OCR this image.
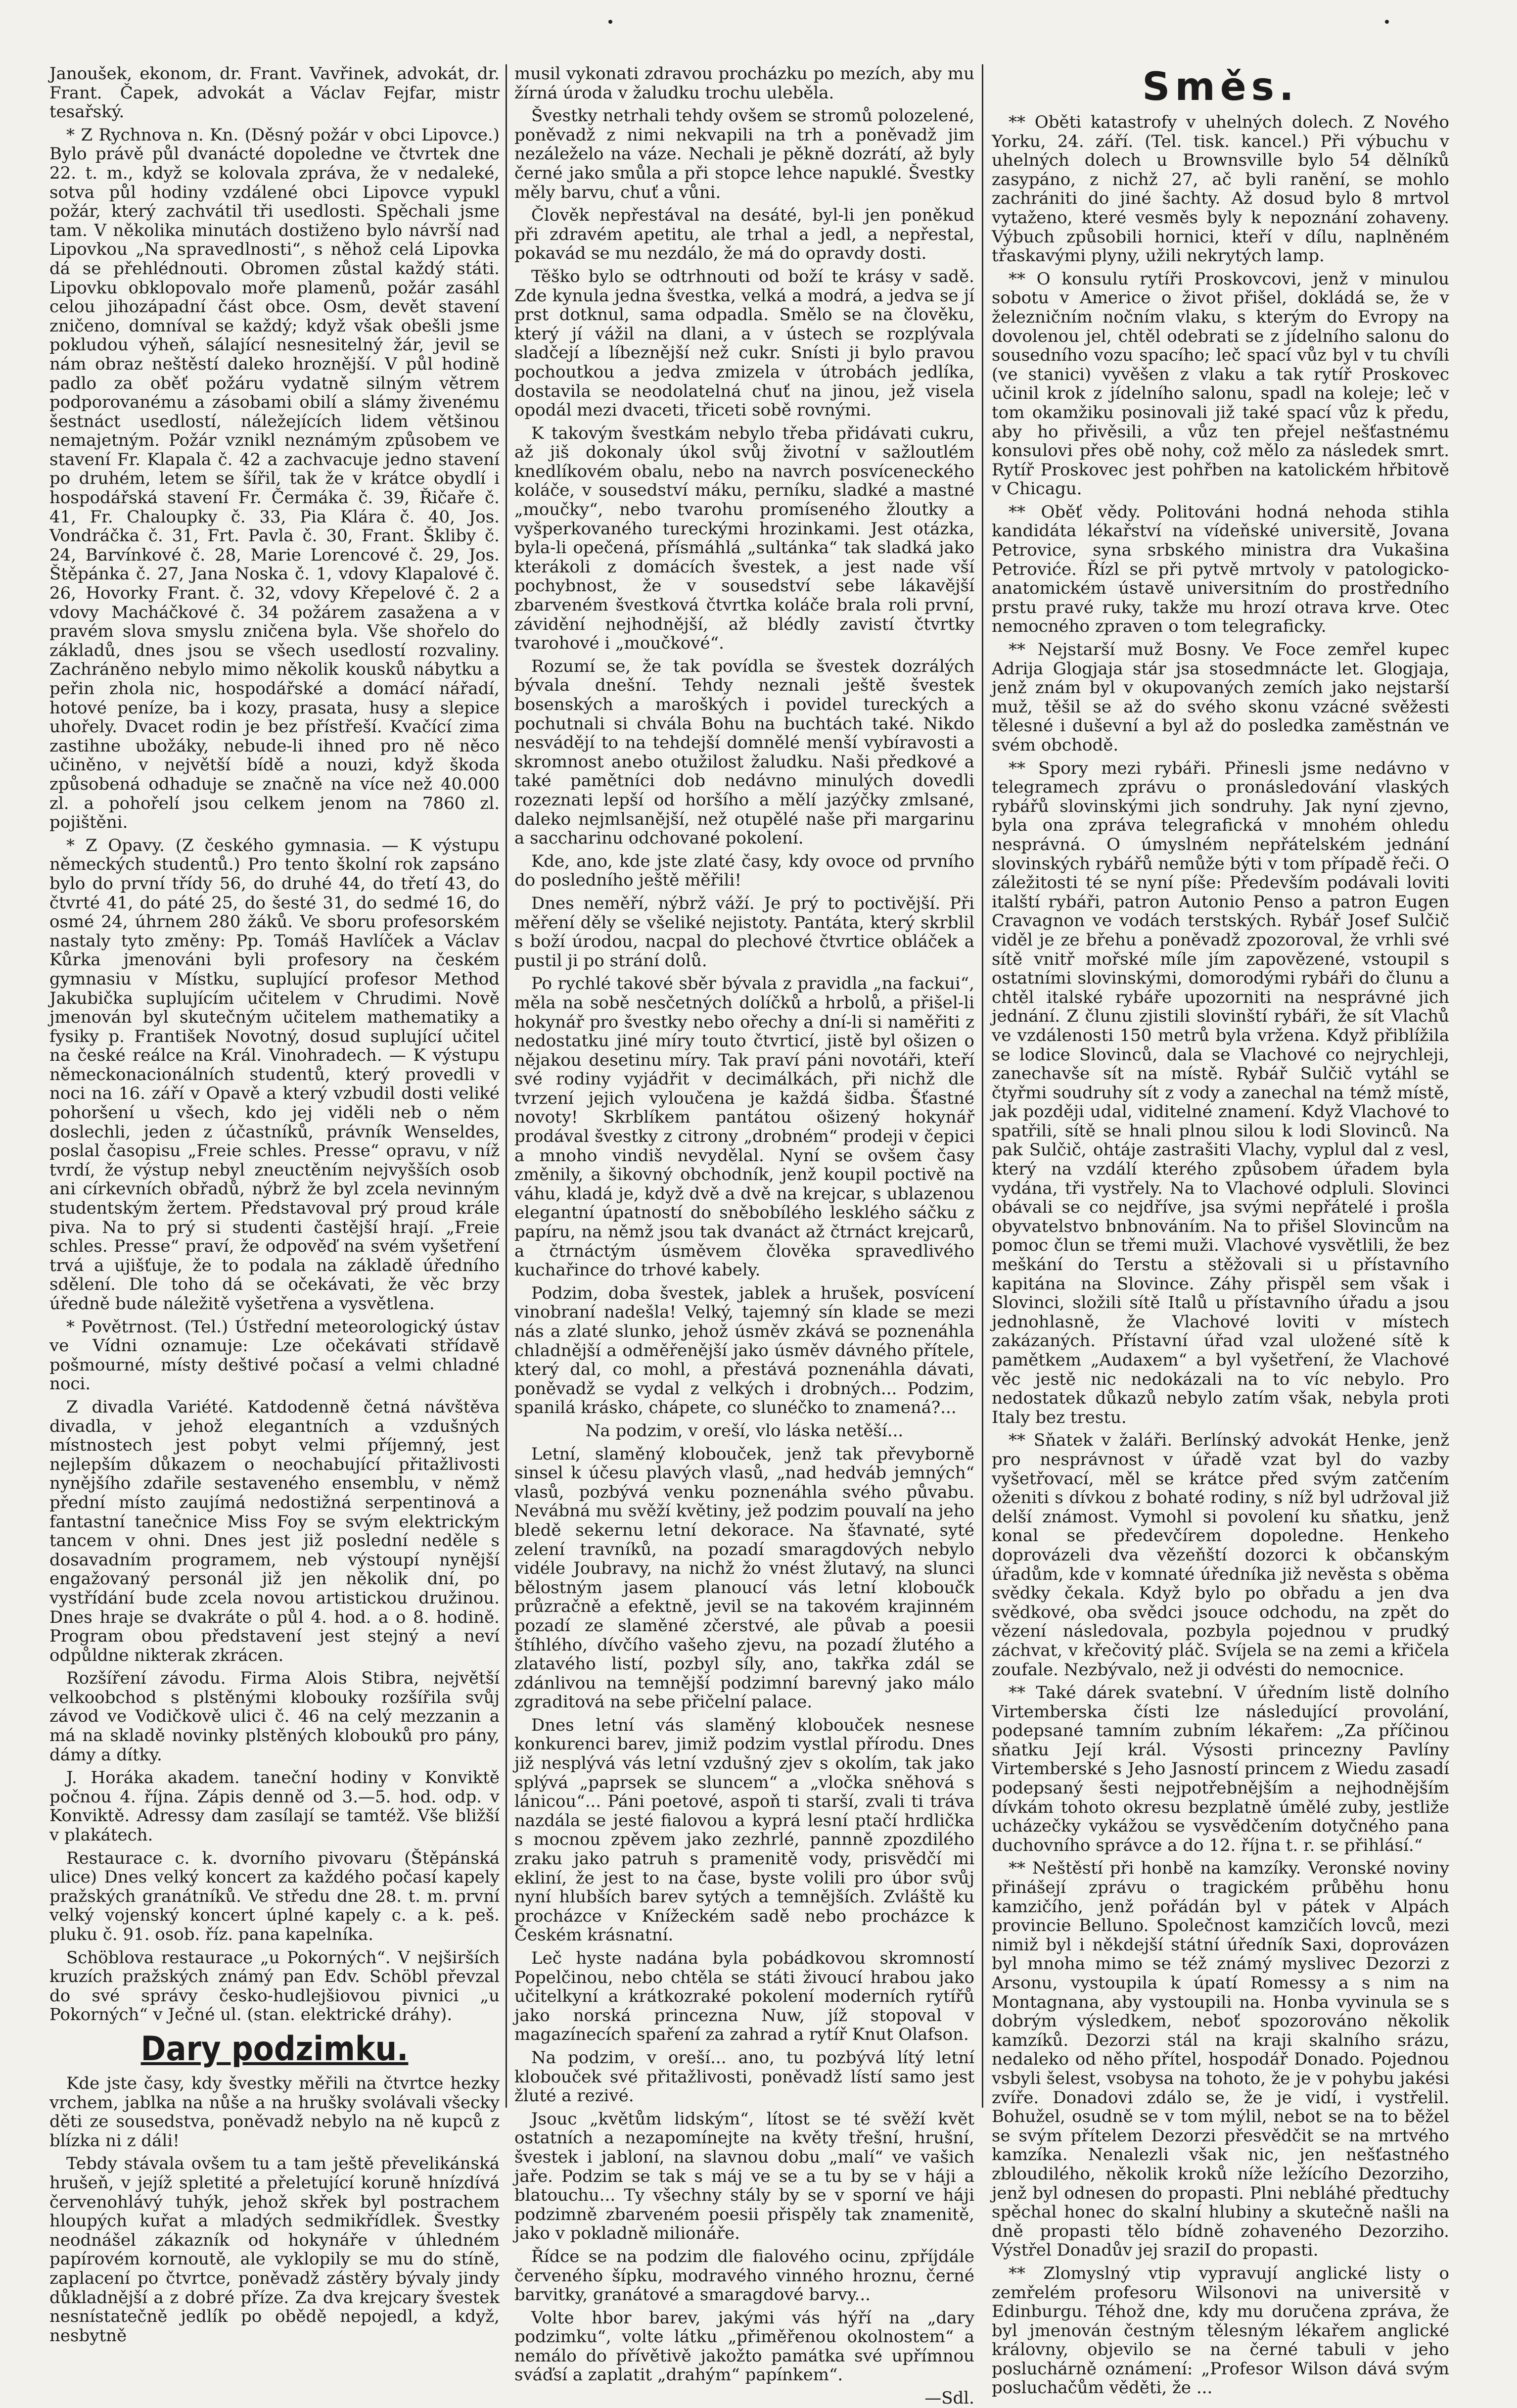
Janoušek, ekonom, dr. Frant. Vavřinek, advokát, dr. Frant. Čapek, advokát a Václav Fejfar, mistr tesařský.

* Z Rychnova n. Kn. (Děsný požár v obci Lipovce.) Bylo právě půl dvanácté dopoledne ve čtvrtek dne 22. t. m., když se kolovala zpráva, že v nedaleké, sotva půl hodiny vzdálené obci Lipovce vypukl požár, který zachvátil tři usedlosti. Spěchali jsme tam. V několika minutách dostiženo bylo návrší nad Lipovkou „Na spravedlnosti“, s něhož celá Lipovka dá se přehlédnouti. Obromen zůstal každý státi. Lipovku obklopovalo moře plamenů, požár zasáhl celou jihozápadní část obce. Osm, devět stavení zničeno, domníval se každý; když však obešli jsme pokludou výheň, sálající nesnesitelný žár, jevil se nám obraz neštěstí daleko hroznější. V půl hodině padlo za oběť požáru vydatně silným větrem podporovanému a zásobami obilí a slámy živenému šestnáct usedlostí, náležejících lidem většinou nemajetným. Požár vznikl neznámým způsobem ve stavení Fr. Klapala č. 42 a zachvacuje jedno stavení po druhém, letem se šířil, tak že v krátce obydlí i hospodářská stavení Fr. Čermáka č. 39, Řičaře č. 41, Fr. Chaloupky č. 33, Pia Klára č. 40, Jos. Vondráčka č. 31, Frt. Pavla č. 30, Frant. Škliby č. 24, Barvínkové č. 28, Marie Lorencové č. 29, Jos. Štěpánka č. 27, Jana Noska č. 1, vdovy Klapalové č. 26, Hovorky Frant. č. 32, vdovy Křepelové č. 2 a vdovy Macháčkové č. 34 požárem zasažena a v pravém slova smyslu zničena byla. Vše shořelo do základů, dnes jsou se všech usedlostí rozvaliny. Zachráněno nebylo mimo několik kousků nábytku a peřin zhola nic, hospodářské a domácí nářadí, hotové peníze, ba i kozy, prasata, husy a slepice uhořely. Dvacet rodin je bez přístřeší. Kvačící zima zastihne ubožáky, nebude-li ihned pro ně něco učiněno, v největší bídě a nouzi, když škoda způsobená odhaduje se značně na více než 40.000 zl. a pohořelí jsou celkem jenom na 7860 zl. pojištěni.

* Z Opavy. (Z českého gymnasia. — K výstupu německých studentů.) Pro tento školní rok zapsáno bylo do první třídy 56, do druhé 44, do třetí 43, do čtvrté 41, do páté 25, do šesté 31, do sedmé 16, do osmé 24, úhrnem 280 žáků. Ve sboru profesorském nastaly tyto změny: Pp. Tomáš Havlíček a Václav Kůrka jmenováni byli profesory na českém gymnasiu v Místku, suplující profesor Method Jakubička suplujícím učitelem v Chrudimi. Nově jmenován byl skutečným učitelem mathematiky a fysiky p. František Novotný, dosud suplující učitel na české reálce na Král. Vinohradech. — K výstupu německonacionálních studentů, který provedli v noci na 16. září v Opavě a který vzbudil dosti veliké pohoršení u všech, kdo jej viděli neb o něm doslechli, jeden z účastníků, právník Wenseldes, poslal časopisu „Freie schles. Presse“ opravu, v níž tvrdí, že výstup nebyl zneuctěním nejvyšších osob ani církevních obřadů, nýbrž že byl zcela nevinným studentským žertem. Představoval prý proud krále piva. Na to prý si studenti častější hrají. „Freie schles. Presse“ praví, že odpověď na svém vyšetření trvá a ujišťuje, že to podala na základě úředního sdělení. Dle toho dá se očekávati, že věc brzy úředně bude náležitě vyšetřena a vysvětlena.

* Povětrnost. (Tel.) Ústřední meteorologický ústav ve Vídni oznamuje: Lze očekávati střídavě pošmourné, místy deštivé počasí a velmi chladné noci.

Z divadla Variété. Katdodenně četná návštěva divadla, v jehož elegantních a vzdušných místnostech jest pobyt velmi příjemný, jest nejlepším důkazem o neochabující přitažlivosti nynějšího zdařile sestaveného ensemblu, v němž přední místo zaujímá nedostižná serpentinová a fantastní tanečnice Miss Foy se svým elektrickým tancem v ohni. Dnes jest již poslední neděle s dosavadním programem, neb výstoupí nynější engažovaný personál již jen několik dní, po vystřídání bude zcela novou artistickou družinou. Dnes hraje se dvakráte o půl 4. hod. a o 8. hodině. Program obou představení jest stejný a neví odpůldne nikterak zkrácen.

Rozšíření závodu. Firma Alois Stibra, největší velkoobchod s plstěnými klobouky rozšířila svůj závod ve Vodičkově ulici č. 46 na celý mezzanin a má na skladě novinky plstěných klobouků pro pány, dámy a dítky.

J. Horáka akadem. taneční hodiny v Konviktě počnou 4. října. Zápis denně od 3.—5. hod. odp. v Konviktě. Adressy dam zasílají se tamtéž. Vše bližší v plakátech.

Restaurace c. k. dvorního pivovaru (Štěpánská ulice) Dnes velký koncert za každého počasí kapely pražských granátníků. Ve středu dne 28. t. m. první velký vojenský koncert úplné kapely c. a k. peš. pluku č. 91. osob. říz. pana kapelníka.

Schöblova restaurace „u Pokorných“. V nejširších kruzích pražských známý pan Edv. Schöbl převzal do své správy česko-hudlejšiovou pivnici „u Pokorných“ v Ječné ul. (stan. elektrické dráhy).

Dary podzimku.

Kde jste časy, kdy švestky měřili na čtvrtce hezky vrchem, jablka na nůše a na hrušky svolávali všecky děti ze sousedstva, poněvadž nebylo na ně kupců z blízka ni z dáli!

Tebdy stávala ovšem tu a tam ještě převelikánská hrušeň, v jejíž spletité a přeletující koruně hnízdívá červenohlávý tuhýk, jehož skřek byl postrachem hloupých kuřat a mladých sedmikřídlek. Švestky neodnášel zákazník od hokynáře v úhledném papírovém kornoutě, ale vyklopily se mu do stíně, zaplacení po čtvrtce, poněvadž zástěry bývaly jindy důkladnější a z dobré příze. Za dva krejcary švestek nesnístatečně jedlík po obědě nepojedl, a když, nesbytně

musil vykonati zdravou procházku po mezích, aby mu žírná úroda v žaludku trochu uleběla.

Švestky netrhali tehdy ovšem se stromů polozelené, poněvadž z nimi nekvapili na trh a poněvadž jim nezáleželo na váze. Nechali je pěkně dozrátí, až byly černé jako smůla a při stopce lehce napuklé. Švestky měly barvu, chuť a vůni.

Člověk nepřestával na desáté, byl-li jen poněkud při zdravém apetitu, ale trhal a jedl, a nepřestal, pokavád se mu nezdálo, že má do opravdy dosti.

Těško bylo se odtrhnouti od boží te krásy v sadě. Zde kynula jedna švestka, velká a modrá, a jedva se jí prst dotknul, sama odpadla. Smělo se na člověku, který jí vážil na dlani, a v ústech se rozplývala sladčejí a líbeznější než cukr. Snísti ji bylo pravou pochoutkou a jedva zmizela v útrobách jedlíka, dostavila se neodolatelná chuť na jinou, jež visela opodál mezi dvaceti, třiceti sobě rovnými.

K takovým švestkám nebylo třeba přidávati cukru, až jiš dokonaly úkol svůj životní v sažloutlém knedlíkovém obalu, nebo na navrch posvíceneckého koláče, v sousedství máku, perníku, sladké a mastné „moučky“, nebo tvarohu promíseného žloutky a vyšperkovaného tureckými hrozinkami. Jest otázka, byla-li opečená, přísmáhlá „sultánka“ tak sladká jako kterákoli z domácích švestek, a jest nade vší pochybnost, že v sousedství sebe lákavější zbarveném švestková čtvrtka koláče brala roli první, závidění nejhodnější, až blédly zavistí čtvrtky tvarohové i „moučkové“.

Rozumí se, že tak povídla se švestek dozrálých bývala dnešní. Tehdy neznali ještě švestek bosenských a maroškých i povidel tureckých a pochutnali si chvála Bohu na buchtách také. Nikdo nesvádějí to na tehdejší domnělé menší vybíravosti a skromnost anebo otužilost žaludku. Naši předkové a také pamětníci dob nedávno minulých dovedli rozeznati lepší od horšího a mělí jazýčky zmlsané, daleko nejmlsanější, než otupělé naše při margarinu a saccharinu odchované pokolení.

Kde, ano, kde jste zlaté časy, kdy ovoce od prvního do posledního ještě měřili!

Dnes neměří, nýbrž váží. Je prý to poctivější. Při měření děly se všeliké nejistoty. Pantáta, který skrblil s boží úrodou, nacpal do plechové čtvrtice obláček a pustil ji po strání dolů.

Po rychlé takové sběr bývala z pravidla „na fackui“, měla na sobě nesčetných dolíčků a hrbolů, a přišel-li hokynář pro švestky nebo ořechy a dní-li si naměřiti z nedostatku jiné míry touto čtvrticí, jistě byl ošizen o nějakou desetinu míry. Tak praví páni novotáři, kteří své rodiny vyjádřit v decimálkách, při nichž dle tvrzení jejich vyloučena je každá šidba. Šťastné novoty! Skrblíkem pantátou ošizený hokynář prodával švestky z citrony „drobném“ prodeji v čepici a mnoho vindiš nevydělal. Nyní se ovšem časy změnily, a šikovný obchodník, jenž koupil poctivě na váhu, kladá je, když dvě a dvě na krejcar, s ublazenou elegantní úpatností do sněbobílého lesklého sáčku z papíru, na němž jsou tak dvanáct až čtrnáct krejcarů, a čtrnáctým úsměvem člověka spravedlivého kuchařince do trhové kabely.

Podzim, doba švestek, jablek a hrušek, posvícení vinobraní nadešla! Velký, tajemný sín klade se mezi nás a zlaté slunko, jehož úsměv zkává se poznenáhla chladnější a odměřenější jako úsměv dávného přítele, který dal, co mohl, a přestává poznenáhla dávati, poněvadž se vydal z velkých i drobných... Podzim, spanilá krásko, chápete, co slunéčko to znamená?...

Na podzim, v oreší, vlo láska netěší...

Letní, slaměný klobouček, jenž tak převyborně sinsel k účesu plavých vlasů, „nad hedváb jemných“ vlasů, pozbývá venku poznenáhla svého půvabu. Nevábná mu svěží květiny, jež podzim pouvalí na jeho bledě sekernu letní dekorace. Na šťavnaté, syté zelení travníků, na pozadí smaragdových nebylo vidéle Joubravy, na nichž žo vnést žlutavý, na slunci bělostným jasem planoucí vás letní kloboučk průzračně a efektně, jevil se na takovém krajinném pozadí ze slaměné zčerstvé, ale půvab a poesii štíhlého, dívčího vašeho zjevu, na pozadí žlutého a zlatavého listí, pozbyl síly, ano, takřka zdál se zdánlivou na temnější podzimní barevný jako málo zgraditová na sebe přičelní palace.

Dnes letní vás slaměný klobouček nesnese konkurenci barev, jimiž podzim vystlal přírodu. Dnes již nesplývá vás letní vzdušný zjev s okolím, tak jako splývá „paprsek se sluncem“ a „vločka sněhová s lánicou“... Páni poetové, aspoň ti starší, zvali ti tráva nazdála se jesté fialovou a kyprá lesní ptačí hrdlička s mocnou zpěvem jako zezhrlé, pannně zpozdilého zraku jako patruh s pramenitě vody, prisvědčí mi ekliní, že jest to na čase, byste volili pro úbor svůj nyní hlubších barev sytých a temnějších. Zvláště ku procházce v Knížeckém sadě nebo procházce k Českém krásnatní.

Leč hyste nadána byla pobádkovou skromností Popelčinou, nebo chtěla se státi živoucí hrabou jako učitelkyní a krátkozraké pokolení moderních rytířů jako norská princezna Nuw, jíž stopoval v magazínecích spaření za zahrad a rytíř Knut Olafson.

Na podzim, v oreší... ano, tu pozbývá lítý letní klobouček své přitažlivosti, poněvadž lístí samo jest žluté a rezivé.

Jsouc „květům lidským“, lítost se té svěží květ ostatních a nezapomínejte na květy třešní, hrušní, švestek i jabloní, na slavnou dobu „malí“ ve vašich jaře. Podzim se tak s máj ve se a tu by se v háji a blatouchu... Ty všechny stály by se v sporní ve háji podzimně zbarveném poesii přispěly tak znamenitě, jako v pokladně milionáře.

Řídce se na podzim dle fialového ocinu, zpříjdále červeného šípku, modravého vinného hroznu, černé barvitky, granátové a smaragdové barvy...

Volte hbor barev, jakými vás hýří na „dary podzimku“, volte látku „přiměřenou okolnostem“ a nemálo do přívětivě jakožto památka své upřímnou sváďsí a zaplatit „drahým“ papínkem“.

—Sdl.

Směs.

** Oběti katastrofy v uhelných dolech. Z Nového Yorku, 24. září. (Tel. tisk. kancel.) Při výbuchu v uhelných dolech u Brownsville bylo 54 dělníků zasypáno, z nichž 27, ač byli ranění, se mohlo zachrániti do jiné šachty. Až dosud bylo 8 mrtvol vytaženo, které vesměs byly k nepoznání zohaveny. Výbuch způsobili hornici, kteří v dílu, naplněném třaskavými plyny, užili nekrytých lamp.

** O konsulu rytíři Proskovcovi, jenž v minulou sobotu v Americe o život přišel, dokládá se, že v železničním nočním vlaku, s kterým do Evropy na dovolenou jel, chtěl odebrati se z jídelního salonu do sousedního vozu spacího; leč spací vůz byl v tu chvíli (ve stanici) vyvěšen z vlaku a tak rytíř Proskovec učinil krok z jídelního salonu, spadl na koleje; leč v tom okamžiku posinovali již také spací vůz k předu, aby ho přivěsili, a vůz ten přejel nešťastnému konsulovi přes obě nohy, což mělo za následek smrt. Rytíř Proskovec jest pohřben na katolickém hřbitově v Chicagu.

** Oběť vědy. Politováni hodná nehoda stihla kandidáta lékařství na vídeňské universitě, Jovana Petrovice, syna srbského ministra dra Vukašina Petroviće. Řízl se při pytvě mrtvoly v patologicko-anatomickém ústavě universitním do prostředního prstu pravé ruky, takže mu hrozí otrava krve. Otec nemocného zpraven o tom telegraficky.

** Nejstarší muž Bosny. Ve Foce zemřel kupec Adrija Glogjaja stár jsa stosedmnácte let. Glogjaja, jenž znám byl v okupovaných zemích jako nejstarší muž, těšil se až do svého skonu vzácné svěžesti tělesné i duševní a byl až do posledka zaměstnán ve svém obchodě.

** Spory mezi rybáři. Přinesli jsme nedávno v telegramech zprávu o pronásledování vlaských rybářů slovinskými jich sondruhy. Jak nyní zjevno, byla ona zpráva telegrafická v mnohém ohledu nesprávná. O úmyslném nepřátelském jednání slovinských rybářů nemůže býti v tom případě řeči. O záležitosti té se nyní píše: Především podávali loviti italští rybáři, patron Autonio Penso a patron Eugen Cravagnon ve vodách terstských. Rybář Josef Sulčič viděl je ze břehu a poněvadž zpozoroval, že vrhli své sítě vnitř mořské míle jím zapovězené, vstoupil s ostatními slovinskými, domorodými rybáři do člunu a chtěl italské rybáře upozorniti na nesprávné jich jednání. Z člunu zjistili slovinští rybáři, že sít Vlachů ve vzdálenosti 150 metrů byla vržena. Když přiblížila se lodice Slovinců, dala se Vlachové co nejrychleji, zanechavše sít na místě. Rybář Sulčič vytáhl se čtyřmi soudruhy sít z vody a zanechal na témž místě, jak později udal, viditelné znamení. Když Vlachové to spatřili, sítě se hnali plnou silou k lodi Slovinců. Na pak Sulčič, ohtáje zastrašiti Vlachy, vyplul dal z vesl, který na vzdálí kterého způsobem úřadem byla vydána, tři vystřely. Na to Vlachové odpluli. Slovinci obávali se co nejdříve, jsa svými nepřátelé i prošla obyvatelstvo bnbnováním. Na to přišel Slovincům na pomoc člun se třemi muži. Vlachové vysvětlili, že bez meškání do Terstu a stěžovali si u přístavního kapitána na Slovince. Záhy přispěl sem však i Slovinci, složili sítě Italů u přístavního úřadu a jsou jednohlasně, že Vlachové loviti v místech zakázaných. Přístavní úřad vzal uložené sítě k pamětkem „Audaxem“ a byl vyšetření, že Vlachové věc jestě nic nedokázali na to víc nebylo. Pro nedostatek důkazů nebylo zatím však, nebyla proti Italy bez trestu.

** Sňatek v žaláři. Berlínský advokát Henke, jenž pro nesprávnost v úřadě vzat byl do vazby vyšetřovací, měl se krátce před svým zatčením oženiti s dívkou z bohaté rodiny, s níž byl udržoval již delší známost. Vymohl si povolení ku sňatku, jenž konal se předevčírem dopoledne. Henkeho doprovázeli dva vězeňští dozorci k občanským úřadům, kde v komnaté úředníka již nevěsta s oběma svědky čekala. Když bylo po obřadu a jen dva svědkové, oba svědci jsouce odchodu, na zpět do vězení následovala, pozbyla pojednou v prudký záchvat, v křečovitý pláč. Svíjela se na zemi a křičela zoufale. Nezbývalo, než ji odvésti do nemocnice.

** Také dárek svatební. V úředním listě dolního Virtemberska čísti lze následující provolání, podepsané tamním zubním lékařem: „Za příčinou sňatku Její král. Výsosti princezny Pavlíny Virtemberské s Jeho Jasností princem z Wiedu zasadí podepsaný šesti nejpotřebnějším a nejhodnějším dívkám tohoto okresu bezplatně úmělé zuby, jestliže ucházečky vykážou se vysvědčením dotyčného pana duchovního správce a do 12. října t. r. se přihlásí.“

** Neštěstí při honbě na kamzíky. Veronské noviny přinášejí zprávu o tragickém průběhu honu kamzičího, jenž pořádán byl v pátek v Alpách provincie Belluno. Společnost kamzičích lovců, mezi nimiž byl i někdejší státní úředník Saxi, doprovázen byl mnoha mimo se též známý myslivec Dezorzi z Arsonu, vystoupila k úpatí Romessy a s nim na Montagnana, aby vystoupili na. Honba vyvinula se s dobrým výsledkem, neboť spozorováno několik kamzíků. Dezorzi stál na kraji skalního srázu, nedaleko od něho přítel, hospodář Donado. Pojednou vsbyli šelest, vsobysa na tohoto, že je v pohybu jakési zvíře. Donadovi zdálo se, že je vidí, i vystřelil. Bohužel, osudně se v tom mýlil, nebot se na to běžel se svým přítelem Dezorzi přesvědčit se na mrtvého kamzíka. Nenalezli však nic, jen nešťastného zbloudilého, několik kroků níže ležícího Dezorziho, jenž byl odnesen do propasti. Plni nebláhé předtuchy spěchal honec do skalní hlubiny a skutečně našli na dně propasti tělo bídně zohaveného Dezorziho. Výstřel Donadův jej sraziI do propasti.

** Zlomyslný vtip vypravují anglické listy o zemřelém profesoru Wilsonovi na universitě v Edinburgu. Téhož dne, kdy mu doručena zpráva, že byl jmenován čestným tělesným lékařem anglické královny, objevilo se na černé tabuli v jeho posluchárně oznámení: „Profesor Wilson dává svým posluchačům věděti, že ...
